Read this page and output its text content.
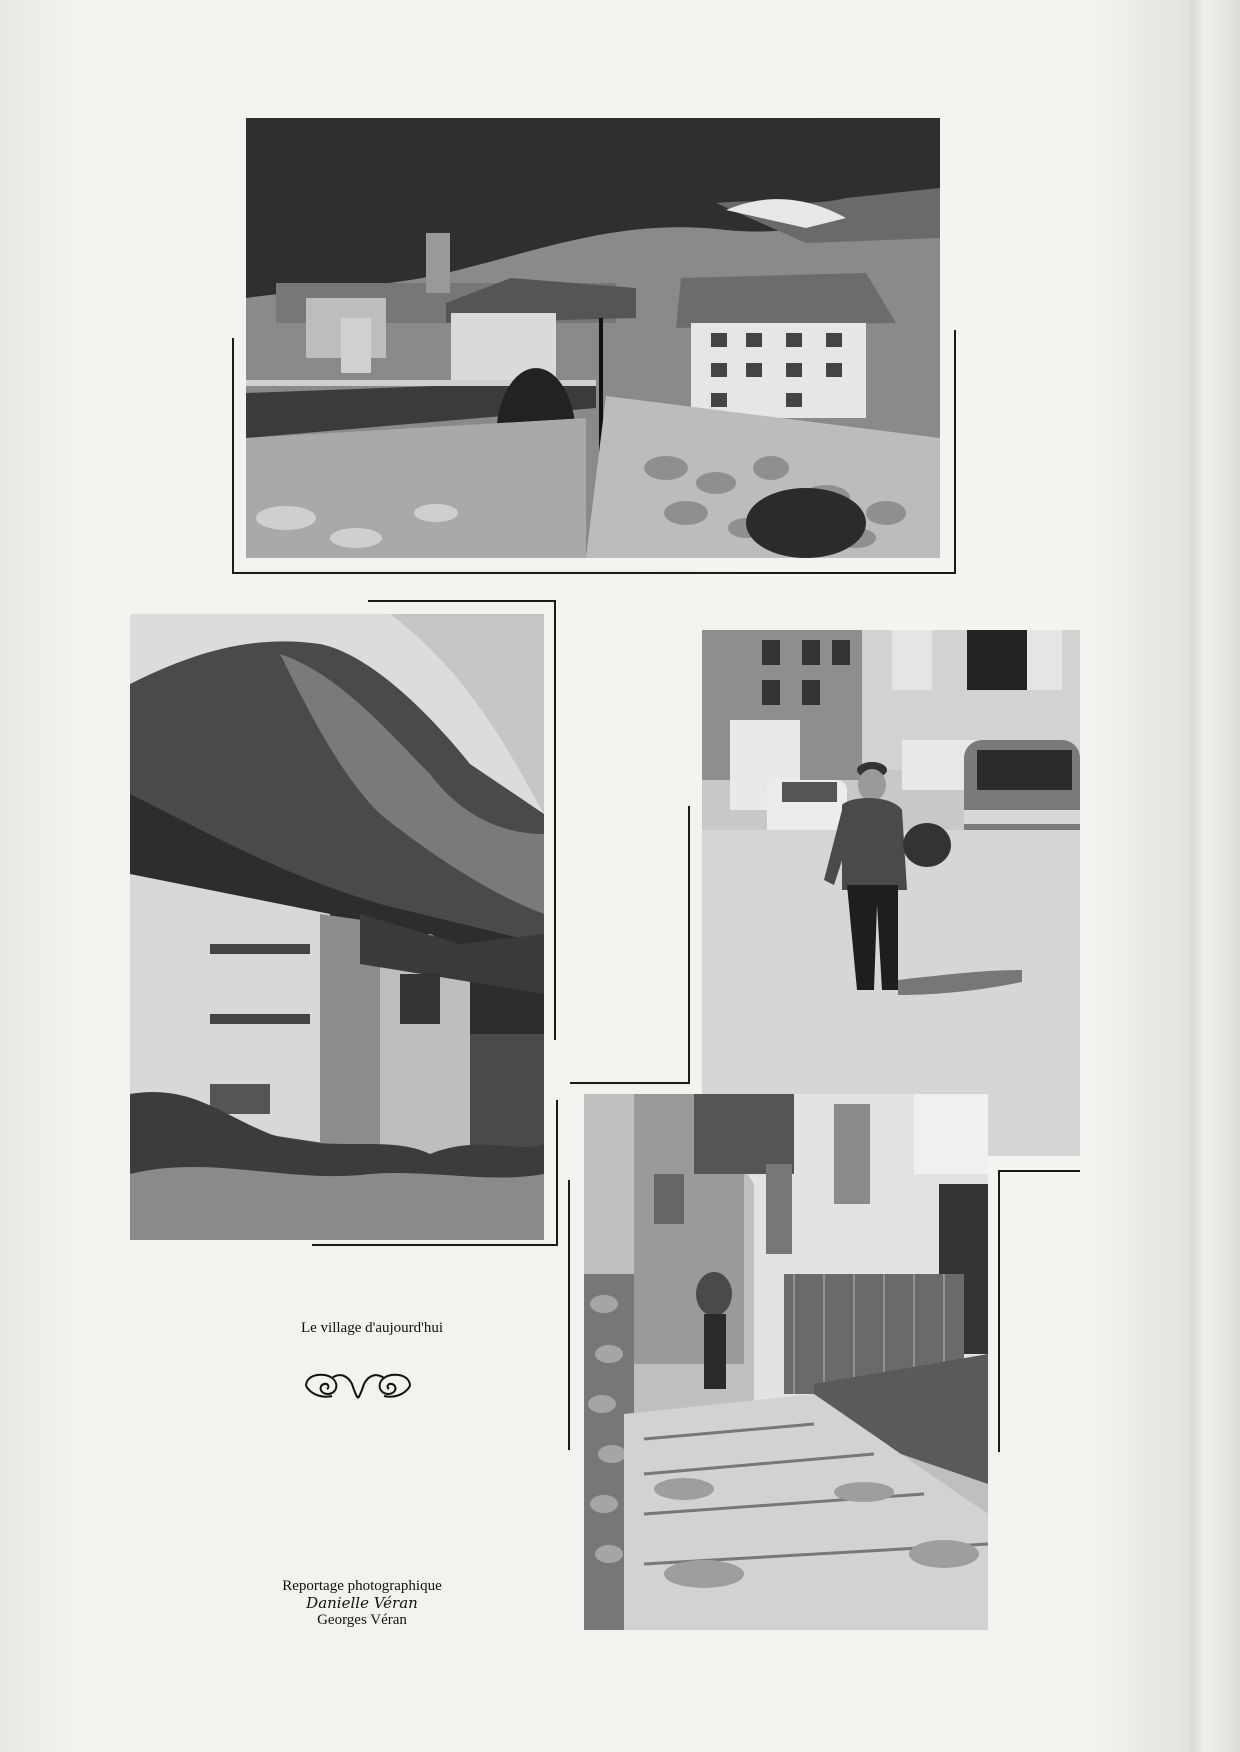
Le village d'aujourd'hui
Reportage photographique
Danielle Véran
Georges Véran
